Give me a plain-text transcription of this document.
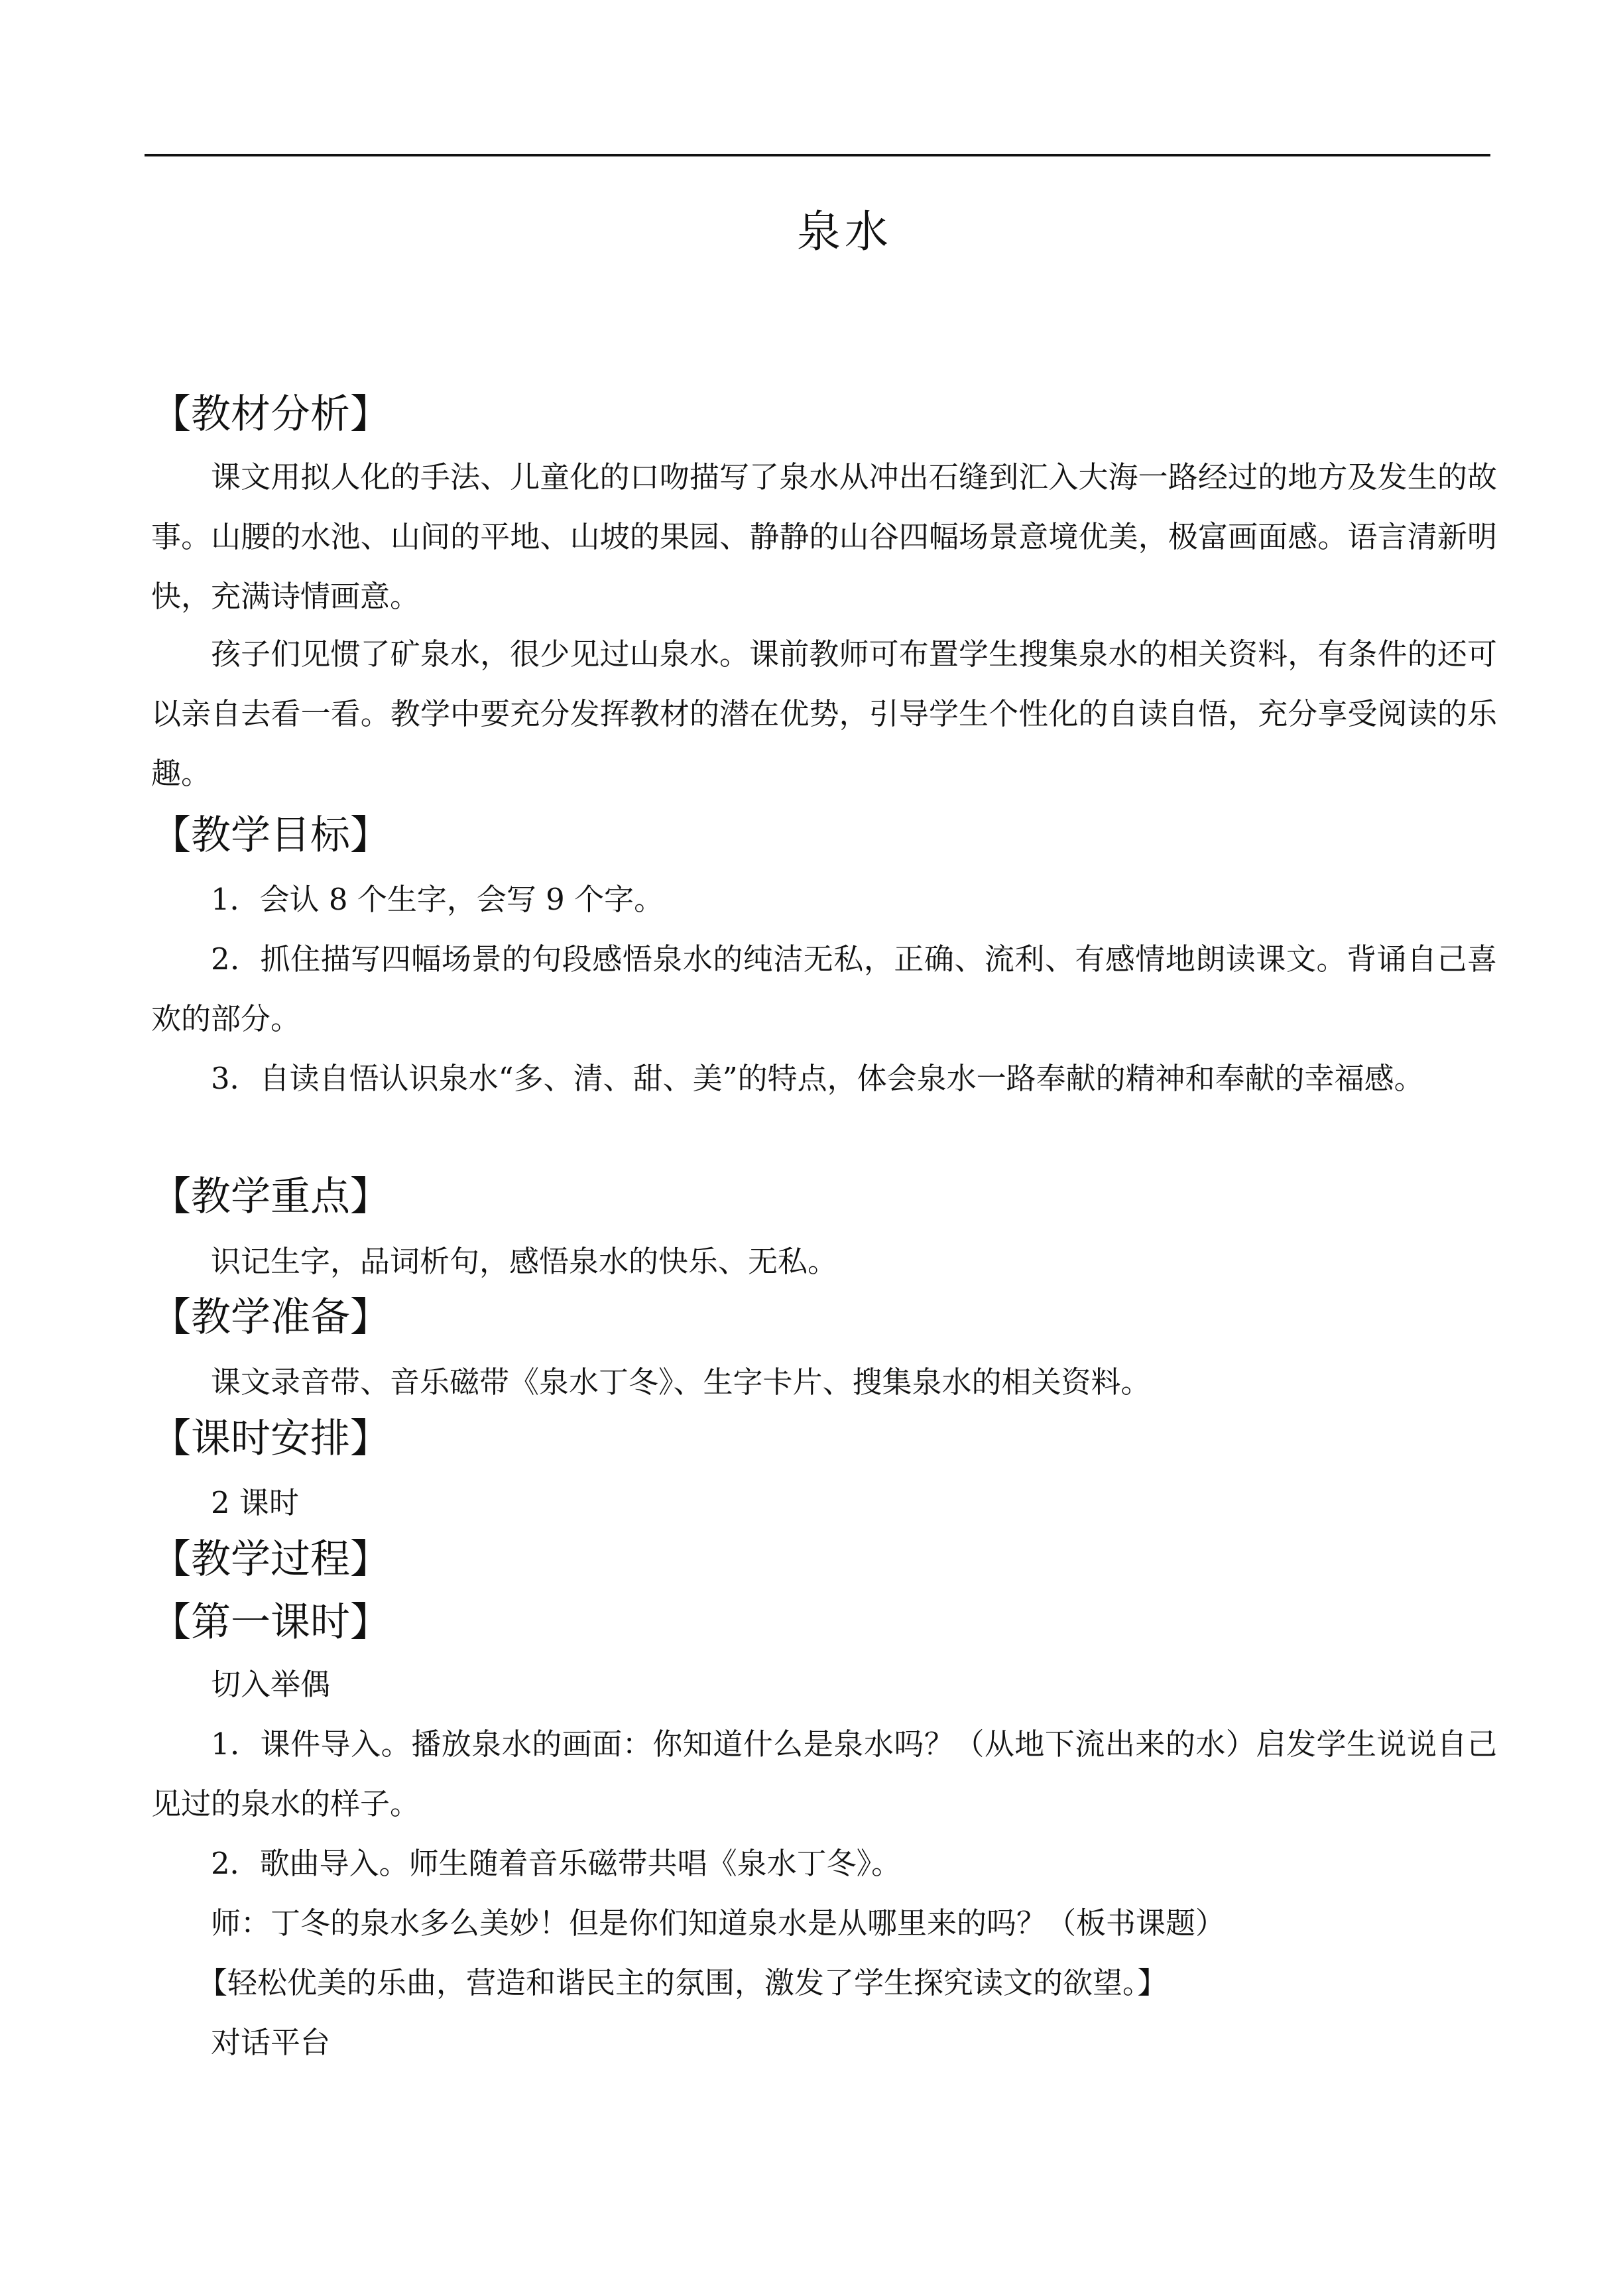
泉水
【教材分析】

课文用拟人化的手法、儿童化的口吻描写了泉水从冲出石缝到汇入大海一路经过的地方及发生的故事。山腰的水池、山间的平地、山坡的果园、静静的山谷四幅场景意境优美，极富画面感。语言清新明快，充满诗情画意。

孩子们见惯了矿泉水，很少见过山泉水。课前教师可布置学生搜集泉水的相关资料，有条件的还可以亲自去看一看。教学中要充分发挥教材的潜在优势，引导学生个性化的自读自悟，充分享受阅读的乐趣。

【教学目标】

1．会认 8 个生字，会写 9 个字。

2．抓住描写四幅场景的句段感悟泉水的纯洁无私，正确、流利、有感情地朗读课文。背诵自己喜欢的部分。

3．自读自悟认识泉水“多、清、甜、美”的特点，体会泉水一路奉献的精神和奉献的幸福感。

【教学重点】
识记生字，品词析句，感悟泉水的快乐、无私。
【教学准备】
课文录音带、音乐磁带《泉水丁冬》、生字卡片、搜集泉水的相关资料。
【课时安排】
2 课时
【教学过程】
【第一课时】
切入举偶

1．课件导入。播放泉水的画面：你知道什么是泉水吗？（从地下流出来的水）启发学生说说自己见过的泉水的样子。

2．歌曲导入。师生随着音乐磁带共唱《泉水丁冬》。
师：丁冬的泉水多么美妙！但是你们知道泉水是从哪里来的吗？（板书课题）
【轻松优美的乐曲，营造和谐民主的氛围，激发了学生探究读文的欲望。】
对话平台
